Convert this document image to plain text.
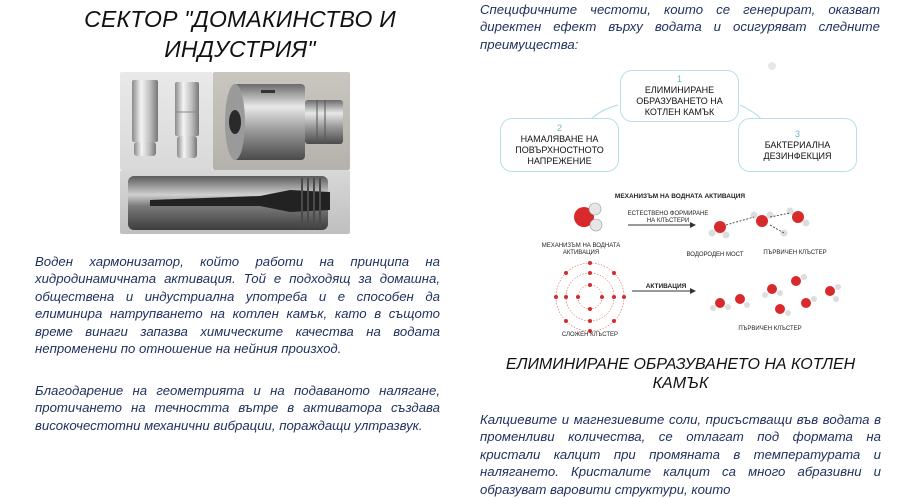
СЕКТОР "ДОМАКИНСТВО И
ИНДУСТРИЯ"
Воден хармонизатор, който работи на принципа на хидродинамичната активация. Той е подходящ за домашна, обществена и индустриална употреба и е способен да елиминира натрупването на котлен камък, като в същото време винаги запазва химическите качества на водата непроменени по отношение на нейния произход.
Благодарение на геометрията и на подаваното налягане, протичането на течността вътре в активатора създава високочестотни механични вибрации, пораждащи ултразвук.
Специфичните честоти, които се генерират, оказват директен ефект върху водата и осигуряват следните преимущества:
1
ЕЛИМИНИРАНЕ ОБРАЗУВАНЕТО НА КОТЛЕН КАМЪК
2
НАМАЛЯВАНЕ НА ПОВЪРХНОСТНОТО НАПРЕЖЕНИЕ
3
БАКТЕРИАЛНА ДЕЗИНФЕКЦИЯ
МЕХАНИЗЪМ НА ВОДНАТА АКТИВАЦИЯ
МЕХАНИЗЪМ НА ВОДНАТА АКТИВАЦИЯ
ЕСТЕСТВЕНО ФОРМИРАНЕ НА КЛЪСТЕРИ
ВОДОРОДЕН МОСТ	ПЪРВИЧЕН КЛЪСТЕР
АКТИВАЦИЯ
СЛОЖЕН КЛЪСТЕР
ПЪРВИЧЕН КЛЪСТЕР
ЕЛИМИНИРАНЕ ОБРАЗУВАНЕТО НА КОТЛЕН КАМЪК
Калциевите и магнезиевите соли, присъстващи във водата в променливи количества, се отлагат под формата на кристали калцит при промяната в температурата и налягането. Кристалите калцит са много абразивни и образуват варовити структури, които
